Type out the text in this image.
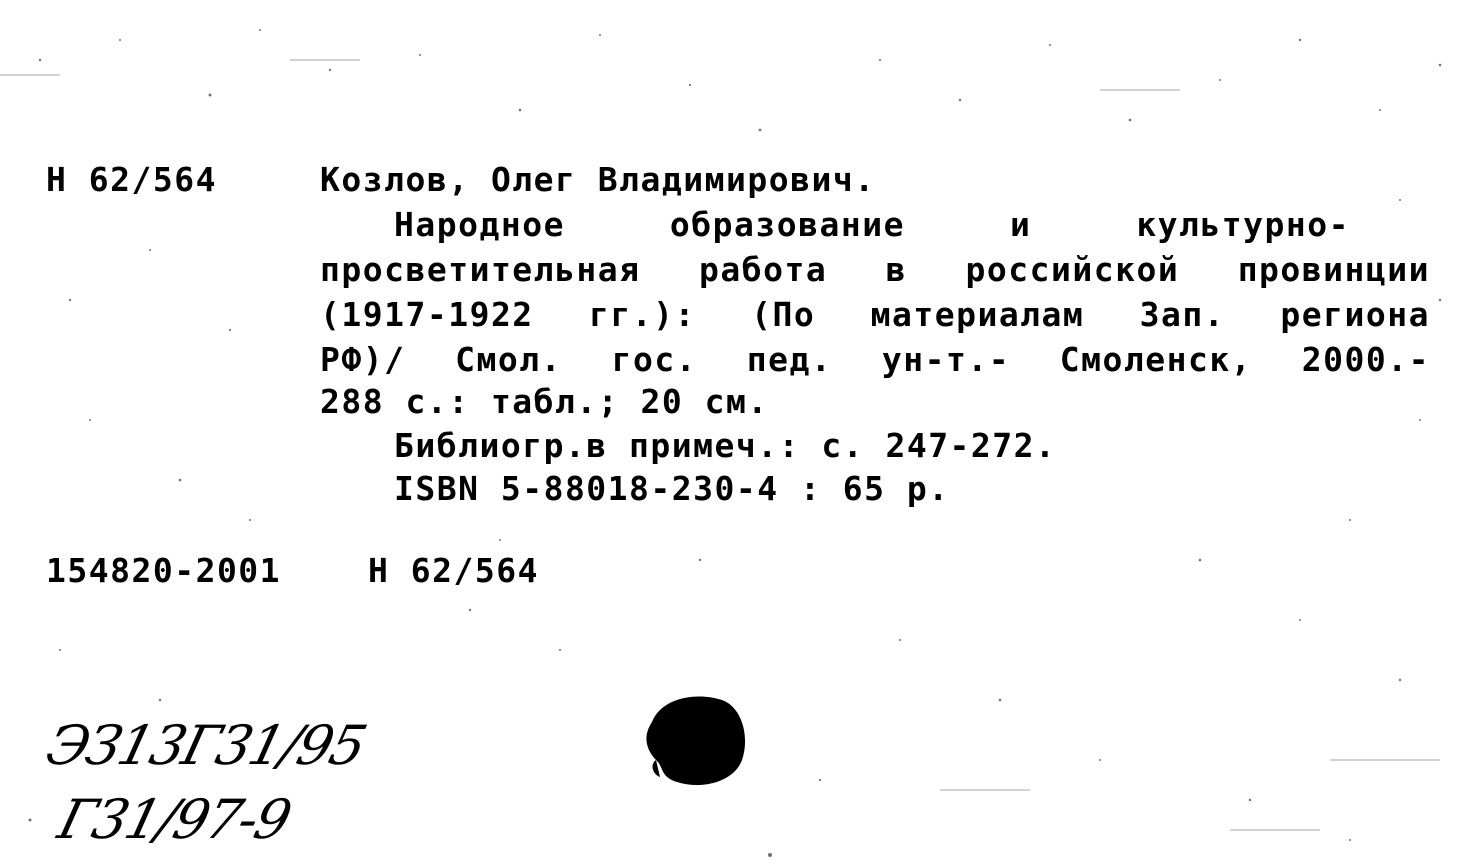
Н 62/564	Козлов, Олег Владимирович.
Народное образование и культурно-
просветительная работа в российской провинции
(1917-1922 гг.): (По материалам Зап. региона
РФ)/ Смол. гос. пед. ун-т.- Смоленск, 2000.-
288 с.: табл.; 20 см.
Библиогр.в примеч.: с. 247-272.
ISBN 5-88018-230-4 : 65 р.
154820-2001	Н 62/564
ЭЗ13Г31/95
Г31/97-9
